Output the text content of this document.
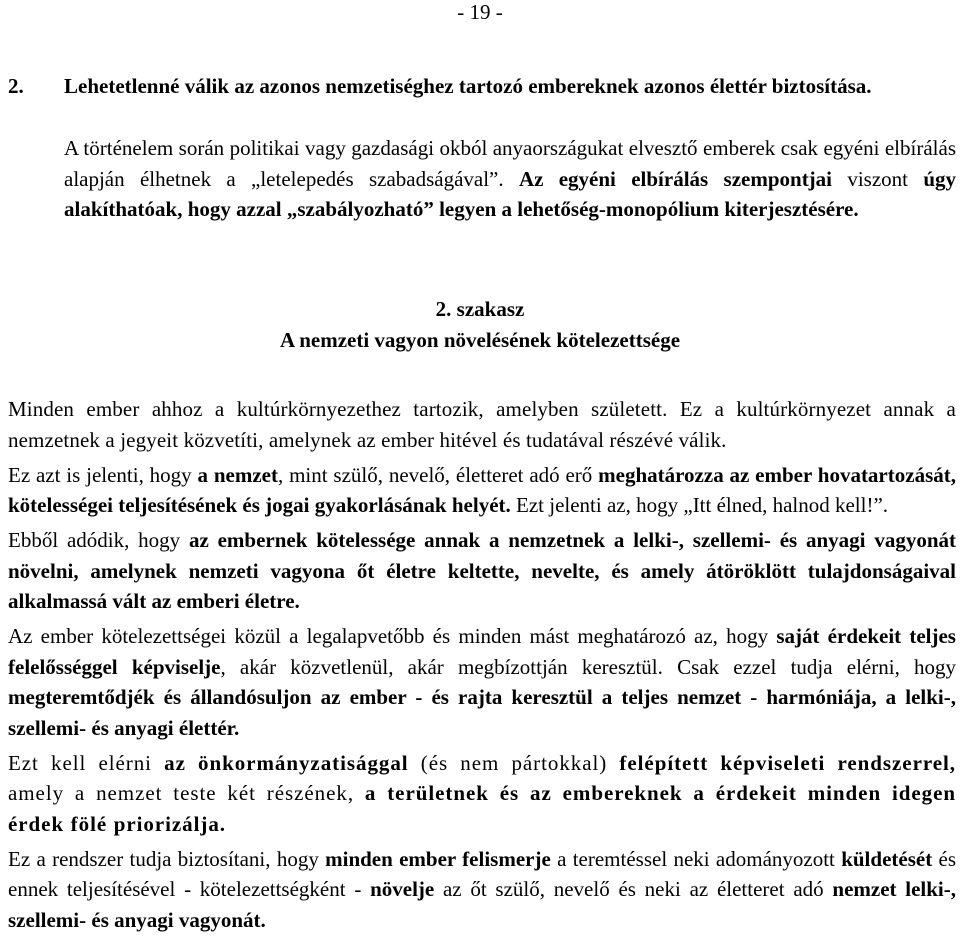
- 19 -
2. Lehetetlenné válik az azonos nemzetiséghez tartozó embereknek azonos élettér biztosítása.
A történelem során politikai vagy gazdasági okból anyaországukat elvesztő emberek csak egyéni elbírálás alapján élhetnek a „letelepedés szabadságával”. Az egyéni elbírálás szempontjai viszont úgy alakíthatóak, hogy azzal „szabályozható” legyen a lehetőség-monopólium kiterjesztésére.
2. szakasz
A nemzeti vagyon növelésének kötelezettsége

Minden ember ahhoz a kultúrkörnyezethez tartozik, amelyben született. Ez a kultúrkörnyezet annak a nemzetnek a jegyeit közvetíti, amelynek az ember hitével és tudatával részévé válik.

Ez azt is jelenti, hogy a nemzet, mint szülő, nevelő, életteret adó erő meghatározza az ember hovatartozását, kötelességei teljesítésének és jogai gyakorlásának helyét. Ezt jelenti az, hogy „Itt élned, halnod kell!”.

Ebből adódik, hogy az embernek kötelessége annak a nemzetnek a lelki-, szellemi- és anyagi vagyonát növelni, amelynek nemzeti vagyona őt életre keltette, nevelte, és amely átöröklött tulajdonságaival alkalmassá vált az emberi életre.

Az ember kötelezettségei közül a legalapvetőbb és minden mást meghatározó az, hogy saját érdekeit teljes felelősséggel képviselje, akár közvetlenül, akár megbízottján keresztül. Csak ezzel tudja elérni, hogy megteremtődjék és állandósuljon az ember - és rajta keresztül a teljes nemzet - harmóniája, a lelki-, szellemi- és anyagi élettér.

Ezt kell elérni az önkormányzatisággal (és nem pártokkal) felépített képviseleti rendszerrel, amely a nemzet teste két részének, a területnek és az embereknek a érdekeit minden idegen érdek fölé priorizálja.

Ez a rendszer tudja biztosítani, hogy minden ember felismerje a teremtéssel neki adományozott küldetését és ennek teljesítésével - kötelezettségként - növelje az őt szülő, nevelő és neki az életteret adó nemzet lelki-, szellemi- és anyagi vagyonát.
